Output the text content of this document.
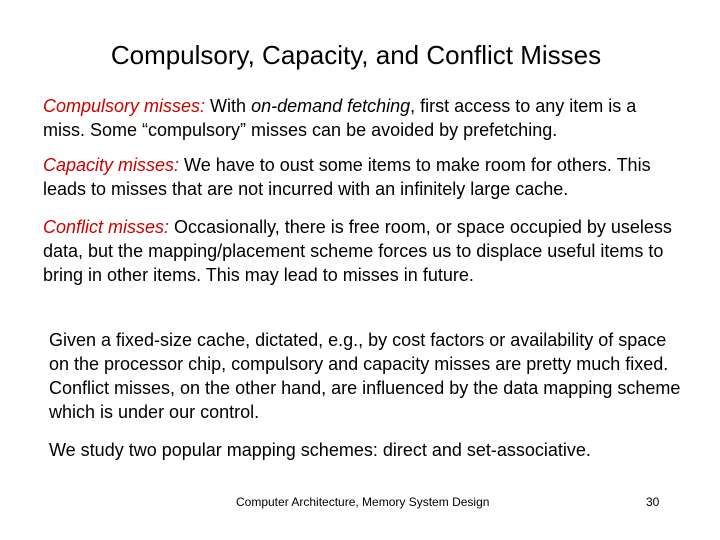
Compulsory, Capacity, and Conflict Misses
Compulsory misses: With on-demand fetching, first access to any item is a miss. Some “compulsory” misses can be avoided by prefetching.
Capacity misses: We have to oust some items to make room for others. This leads to misses that are not incurred with an infinitely large cache.
Conflict misses: Occasionally, there is free room, or space occupied by useless data, but the mapping/placement scheme forces us to displace useful items to bring in other items. This may lead to misses in future.
Given a fixed-size cache, dictated, e.g., by cost factors or availability of space on the processor chip, compulsory and capacity misses are pretty much fixed. Conflict misses, on the other hand, are influenced by the data mapping scheme which is under our control.
We study two popular mapping schemes: direct and set-associative.
Computer Architecture, Memory System Design	30
